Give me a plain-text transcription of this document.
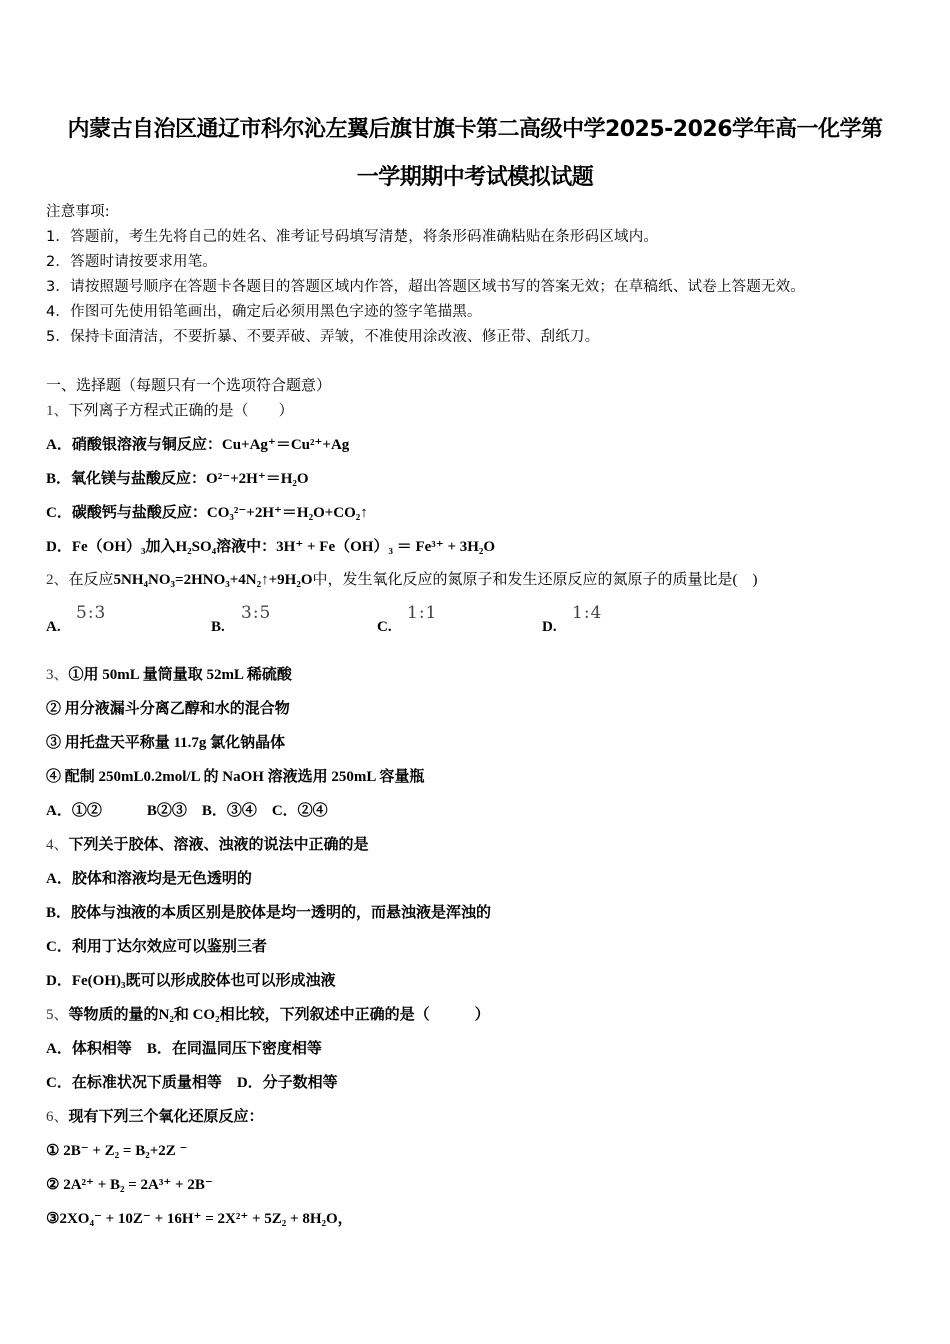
内蒙古自治区通辽市科尔沁左翼后旗甘旗卡第二高级中学2025-2026学年高一化学第
一学期期中考试模拟试题
注意事项:
1．答题前，考生先将自己的姓名、准考证号码填写清楚，将条形码准确粘贴在条形码区域内。
2．答题时请按要求用笔。
3．请按照题号顺序在答题卡各题目的答题区域内作答，超出答题区域书写的答案无效；在草稿纸、试卷上答题无效。
4．作图可先使用铅笔画出，确定后必须用黑色字迹的签字笔描黑。
5．保持卡面清洁，不要折暴、不要弄破、弄皱，不准使用涂改液、修正带、刮纸刀。
一、选择题（每题只有一个选项符合题意）
1、下列离子方程式正确的是（　　）
A．硝酸银溶液与铜反应：Cu+Ag⁺＝Cu²⁺+Ag
B．氧化镁与盐酸反应：O²⁻+2H⁺＝H₂O
C．碳酸钙与盐酸反应：CO₃²⁻+2H⁺＝H₂O+CO₂↑
D．Fe（OH）₃加入H₂SO₄溶液中：3H⁺ + Fe（OH）₃ ＝ Fe³⁺ + 3H₂O
2、在反应5NH₄NO₃=2HNO₃+4N₂↑+9H₂O中，发生氧化反应的氮原子和发生还原反应的氮原子的质量比是(　)
A.
5:3
B.
3:5
C.
1:1
D.
1:4
3、①用 50mL 量筒量取 52mL 稀硫酸
② 用分液漏斗分离乙醇和水的混合物
③ 用托盘天平称量 11.7g 氯化钠晶体
④ 配制 250mL0.2mol/L 的 NaOH 溶液选用 250mL 容量瓶
A．①②　　　B②③　B．③④　C．②④
4、下列关于胶体、溶液、浊液的说法中正确的是
A．胶体和溶液均是无色透明的
B．胶体与浊液的本质区别是胶体是均一透明的，而悬浊液是浑浊的
C．利用丁达尔效应可以鉴别三者
D．Fe(OH)₃既可以形成胶体也可以形成浊液
5、等物质的量的N₂和 CO₂相比较，下列叙述中正确的是（　　　）
A．体积相等　B．在同温同压下密度相等
C．在标准状况下质量相等　D．分子数相等
6、现有下列三个氧化还原反应：
① 2B⁻ + Z₂ = B₂+2Z ⁻
② 2A²⁺ + B₂ = 2A³⁺ + 2B⁻
③2XO₄⁻ + 10Z⁻ + 16H⁺ = 2X²⁺ + 5Z₂ + 8H₂O，
